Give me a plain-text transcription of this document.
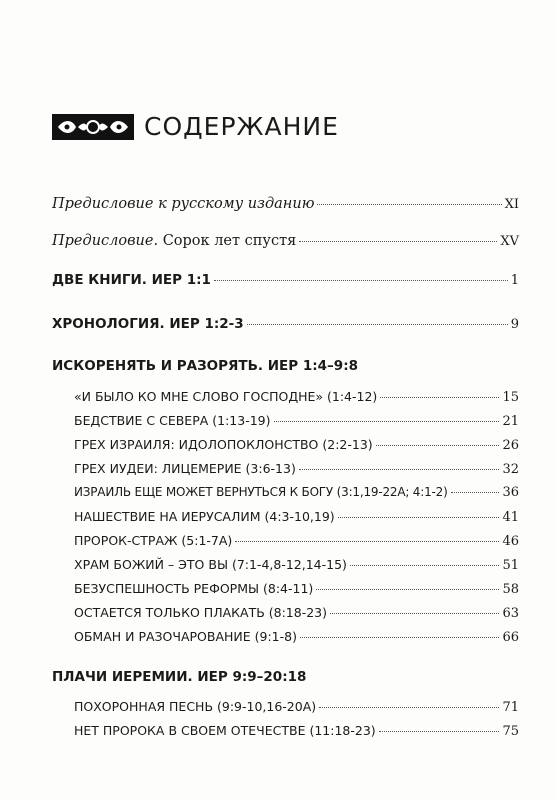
СОДЕРЖАНИЕ
Предисловие к русскому изданию	XI
Предисловие. Сорок лет спустя	XV
ДВЕ КНИГИ. ИЕР 1:1	1
ХРОНОЛОГИЯ. ИЕР 1:2-3	9
ИСКОРЕНЯТЬ И РАЗОРЯТЬ. ИЕР 1:4–9:8
«И БЫЛО КО МНЕ СЛОВО ГОСПОДНЕ» (1:4-12)	15
БЕДСТВИЕ С СЕВЕРА (1:13-19)	21
ГРЕХ ИЗРАИЛЯ: ИДОЛОПОКЛОНСТВО (2:2-13)	26
ГРЕХ ИУДЕИ: ЛИЦЕМЕРИЕ (3:6-13)	32
ИЗРАИЛЬ ЕЩЕ МОЖЕТ ВЕРНУТЬСЯ К БОГУ (3:1,19-22A; 4:1-2)	36
НАШЕСТВИЕ НА ИЕРУСАЛИМ (4:3-10,19)	41
ПРОРОК-СТРАЖ (5:1-7A)	46
ХРАМ БОЖИЙ – ЭТО ВЫ (7:1-4,8-12,14-15)	51
БЕЗУСПЕШНОСТЬ РЕФОРМЫ (8:4-11)	58
ОСТАЕТСЯ ТОЛЬКО ПЛАКАТЬ (8:18-23)	63
ОБМАН И РАЗОЧАРОВАНИЕ (9:1-8)	66
ПЛАЧИ ИЕРЕМИИ. ИЕР 9:9–20:18
ПОХОРОННАЯ ПЕСНЬ (9:9-10,16-20A)	71
НЕТ ПРОРОКА В СВОЕМ ОТЕЧЕСТВЕ (11:18-23)	75
